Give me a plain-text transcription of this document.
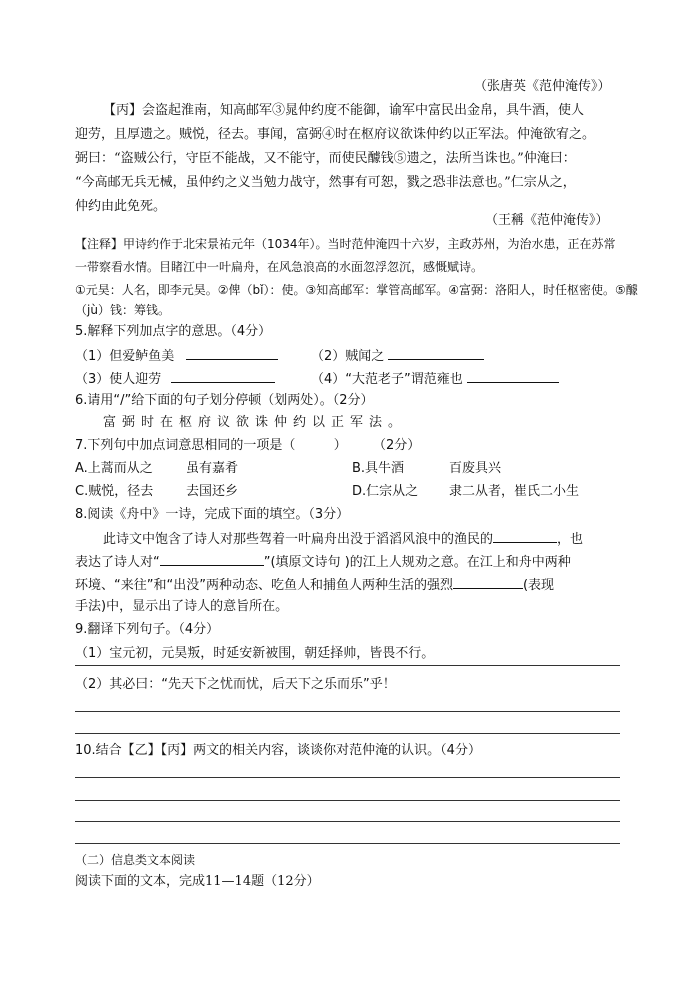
（张唐英《范仲淹传》）
【丙】会盗起淮南，知高邮军③晁仲约度不能御，谕军中富民出金帛，具牛酒，使人
迎劳，且厚遗之。贼悦，径去。事闻，富弼④时在枢府议欲诛仲约以正军法。仲淹欲宥之。
弼曰：“盗贼公行，守臣不能战，又不能守，而使民醵钱⑤遗之，法所当诛也。”仲淹曰：
“今高邮无兵无械，虽仲约之义当勉力战守，然事有可恕，戮之恐非法意也。”仁宗从之，
仲约由此免死。
（王稱《范仲淹传》）
【注释】甲诗约作于北宋景祐元年（1034年）。当时范仲淹四十六岁，主政苏州，为治水患，正在苏常
一带察看水情。目睹江中一叶扁舟，在风急浪高的水面忽浮忽沉，感慨赋诗。
①元昊：人名，即李元昊。②俾（bǐ）：使。③知高邮军：掌管高邮军。④富弼：洛阳人，时任枢密使。⑤醵
（jù）钱：筹钱。
5.解释下列加点字的意思。（4分）
（1）但爱鲈鱼美	（2）贼闻之
（3）使人迎劳	（4）“大范老子”谓范雍也
6.请用“/”给下面的句子划分停顿（划两处）。（2分）
富弼时在枢府议欲诛仲约以正军法。
7.下列句中加点词意思相同的一项是（	） （2分）
A.上蒿而从之	虽有嘉肴	B.具牛酒	百废具兴
C.贼悦，径去	去国还乡	D.仁宗从之 隶二从者，崔氏二小生
8.阅读《舟中》一诗，完成下面的填空。（3分）
此诗文中饱含了诗人对那些驾着一叶扁舟出没于滔滔风浪中的渔民的	，也
表达了诗人对“	”(填原文诗句 )的江上人规劝之意。在江上和舟中两种
环境、“来往”和“出没”两种动态、吃鱼人和捕鱼人两种生活的强烈	(表现
手法)中，显示出了诗人的意旨所在。
9.翻译下列句子。（4分）
（1）宝元初，元昊叛，时延安新被围，朝廷择帅，皆畏不行。
（2）其必曰：“先天下之忧而忧，后天下之乐而乐”乎！
10.结合【乙】【丙】两文的相关内容，谈谈你对范仲淹的认识。（4分）
（二）信息类文本阅读
阅读下面的文本，完成11—14题（12分）
